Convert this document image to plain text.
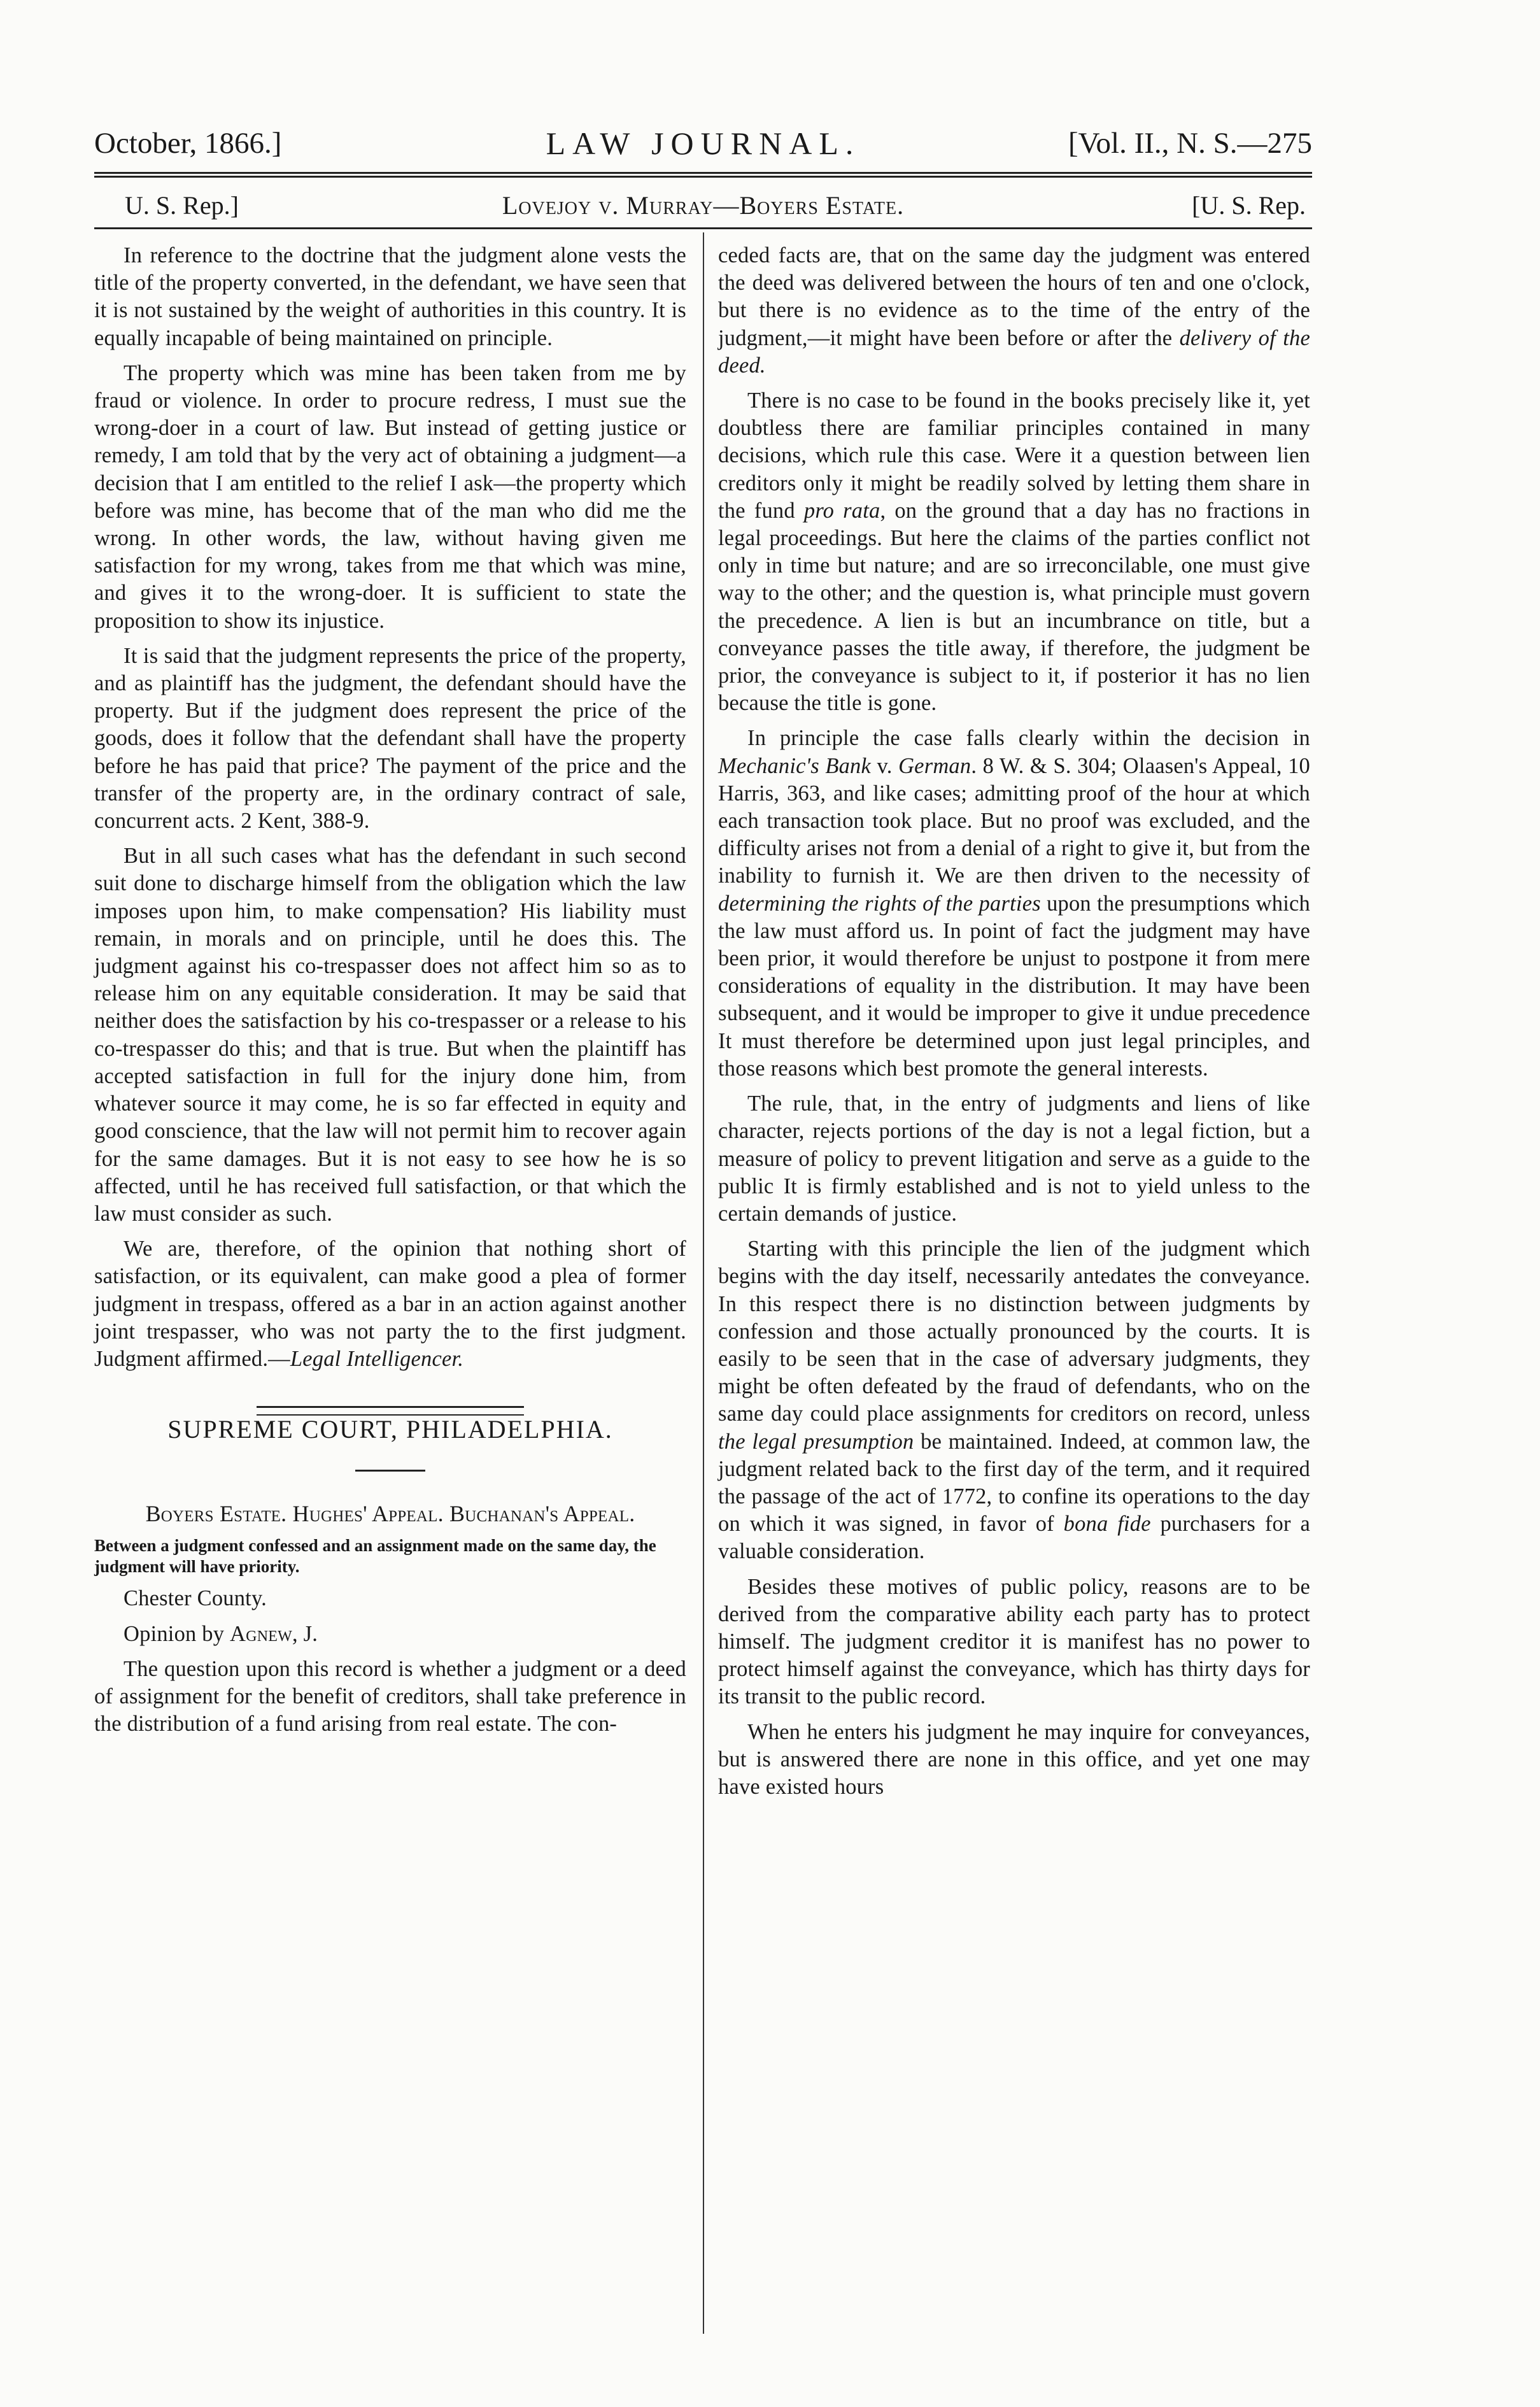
October, 1866.]	LAW JOURNAL.	[Vol. II., N. S.—275
U. S. Rep.]	Lovejoy v. Murray—Boyers Estate.	[U. S. Rep.

In reference to the doctrine that the judgment alone vests the title of the property converted, in the defendant, we have seen that it is not sustained by the weight of authorities in this country. It is equally incapable of being maintained on principle.

The property which was mine has been taken from me by fraud or violence. In order to procure redress, I must sue the wrong-doer in a court of law. But instead of getting justice or remedy, I am told that by the very act of obtaining a judgment—a decision that I am entitled to the relief I ask—the property which before was mine, has become that of the man who did me the wrong. In other words, the law, without having given me satisfaction for my wrong, takes from me that which was mine, and gives it to the wrong-doer. It is sufficient to state the proposition to show its injustice.

It is said that the judgment represents the price of the property, and as plaintiff has the judgment, the defendant should have the property. But if the judgment does represent the price of the goods, does it follow that the defendant shall have the property before he has paid that price? The payment of the price and the transfer of the property are, in the ordinary contract of sale, concurrent acts. 2 Kent, 388-9.

But in all such cases what has the defendant in such second suit done to discharge himself from the obligation which the law imposes upon him, to make compensation? His liability must remain, in morals and on principle, until he does this. The judgment against his co-trespasser does not affect him so as to release him on any equitable consideration. It may be said that neither does the satisfaction by his co-trespasser or a release to his co-trespasser do this; and that is true. But when the plaintiff has accepted satisfaction in full for the injury done him, from whatever source it may come, he is so far effected in equity and good conscience, that the law will not permit him to recover again for the same damages. But it is not easy to see how he is so affected, until he has received full satisfaction, or that which the law must consider as such.

We are, therefore, of the opinion that nothing short of satisfaction, or its equivalent, can make good a plea of former judgment in trespass, offered as a bar in an action against another joint trespasser, who was not party the to the first judgment. Judgment affirmed.—Legal Intelligencer.

SUPREME COURT, PHILADELPHIA.

Boyers Estate. Hughes' Appeal. Buchanan's Appeal.

Between a judgment confessed and an assignment made on the same day, the judgment will have priority.

Chester County.

Opinion by Agnew, J.

The question upon this record is whether a judgment or a deed of assignment for the benefit of creditors, shall take preference in the distribution of a fund arising from real estate. The con-

ceded facts are, that on the same day the judgment was entered the deed was delivered between the hours of ten and one o'clock, but there is no evidence as to the time of the entry of the judgment,—it might have been before or after the delivery of the deed.

There is no case to be found in the books precisely like it, yet doubtless there are familiar principles contained in many decisions, which rule this case. Were it a question between lien creditors only it might be readily solved by letting them share in the fund pro rata, on the ground that a day has no fractions in legal proceedings. But here the claims of the parties conflict not only in time but nature; and are so irreconcilable, one must give way to the other; and the question is, what principle must govern the precedence. A lien is but an incumbrance on title, but a conveyance passes the title away, if therefore, the judgment be prior, the conveyance is subject to it, if posterior it has no lien because the title is gone.

In principle the case falls clearly within the decision in Mechanic's Bank v. German. 8 W. & S. 304; Olaasen's Appeal, 10 Harris, 363, and like cases; admitting proof of the hour at which each transaction took place. But no proof was excluded, and the difficulty arises not from a denial of a right to give it, but from the inability to furnish it. We are then driven to the necessity of determining the rights of the parties upon the presumptions which the law must afford us. In point of fact the judgment may have been prior, it would therefore be unjust to postpone it from mere considerations of equality in the distribution. It may have been subsequent, and it would be improper to give it undue precedence It must therefore be determined upon just legal principles, and those reasons which best promote the general interests.

The rule, that, in the entry of judgments and liens of like character, rejects portions of the day is not a legal fiction, but a measure of policy to prevent litigation and serve as a guide to the public It is firmly established and is not to yield unless to the certain demands of justice.

Starting with this principle the lien of the judgment which begins with the day itself, necessarily antedates the conveyance. In this respect there is no distinction between judgments by confession and those actually pronounced by the courts. It is easily to be seen that in the case of adversary judgments, they might be often defeated by the fraud of defendants, who on the same day could place assignments for creditors on record, unless the legal presumption be maintained. Indeed, at common law, the judgment related back to the first day of the term, and it required the passage of the act of 1772, to confine its operations to the day on which it was signed, in favor of bona fide purchasers for a valuable consideration.

Besides these motives of public policy, reasons are to be derived from the comparative ability each party has to protect himself. The judgment creditor it is manifest has no power to protect himself against the conveyance, which has thirty days for its transit to the public record.

When he enters his judgment he may inquire for conveyances, but is answered there are none in this office, and yet one may have existed hours
